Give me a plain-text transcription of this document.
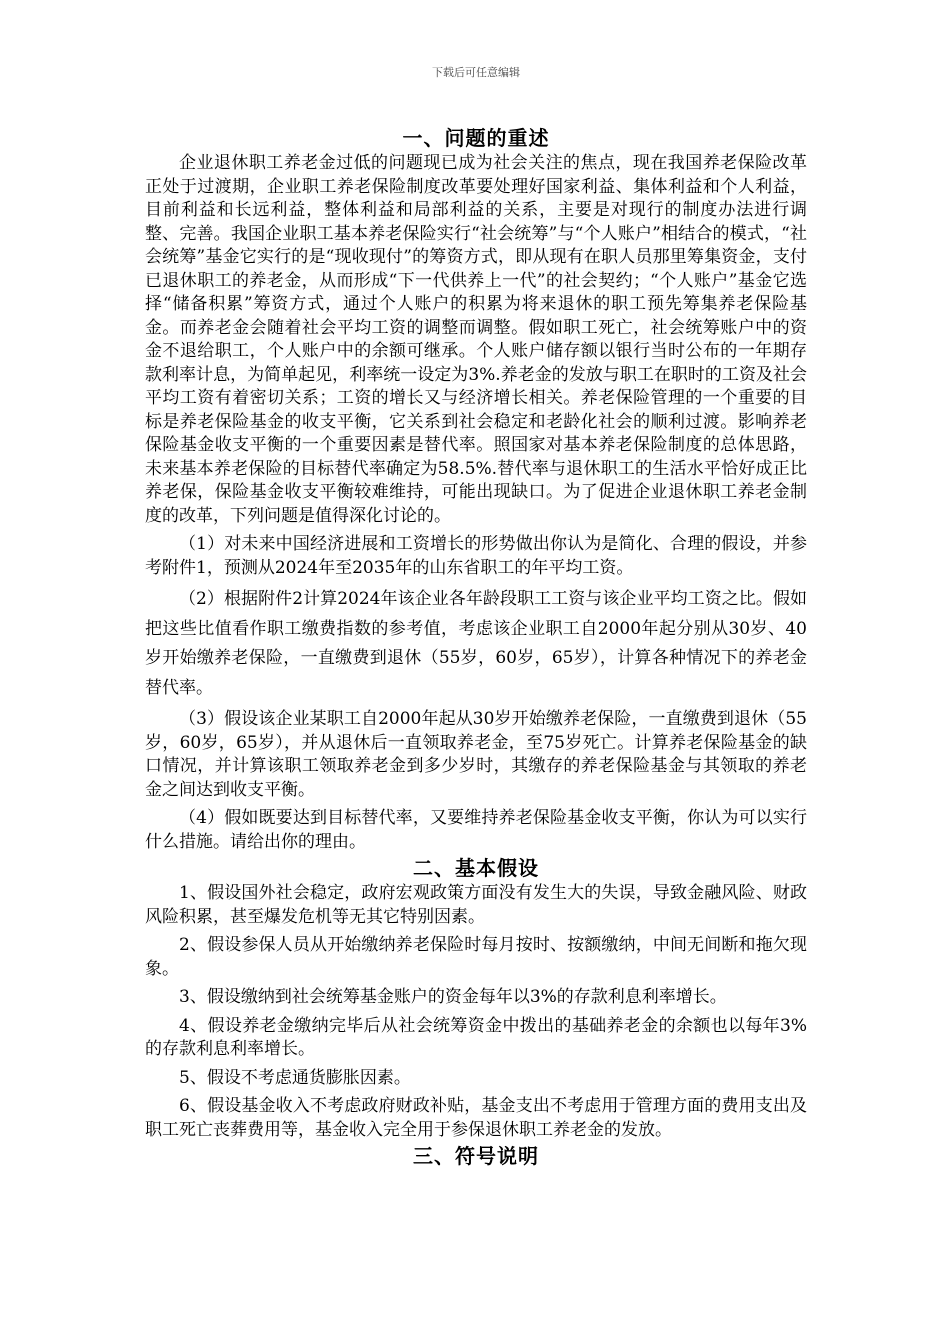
下载后可任意编辑
一、问题的重述

企业退休职工养老金过低的问题现已成为社会关注的焦点，现在我国养老保险改革正处于过渡期，企业职工养老保险制度改革要处理好国家利益、集体利益和个人利益，目前利益和长远利益，整体利益和局部利益的关系，主要是对现行的制度办法进行调整、完善。我国企业职工基本养老保险实行“社会统筹”与“个人账户”相结合的模式，“社会统筹”基金它实行的是“现收现付”的筹资方式，即从现有在职人员那里筹集资金，支付已退休职工的养老金，从而形成“下一代供养上一代”的社会契约；“个人账户”基金它选择“储备积累”筹资方式，通过个人账户的积累为将来退休的职工预先筹集养老保险基金。而养老金会随着社会平均工资的调整而调整。假如职工死亡，社会统筹账户中的资金不退给职工，个人账户中的余额可继承。个人账户储存额以银行当时公布的一年期存款利率计息，为简单起见，利率统一设定为3%.养老金的发放与职工在职时的工资及社会平均工资有着密切关系；工资的增长又与经济增长相关。养老保险管理的一个重要的目标是养老保险基金的收支平衡，它关系到社会稳定和老龄化社会的顺利过渡。影响养老保险基金收支平衡的一个重要因素是替代率。照国家对基本养老保险制度的总体思路，未来基本养老保险的目标替代率确定为58.5%.替代率与退休职工的生活水平恰好成正比养老保，保险基金收支平衡较难维持，可能出现缺口。为了促进企业退休职工养老金制度的改革，下列问题是值得深化讨论的。

（1）对未来中国经济进展和工资增长的形势做出你认为是简化、合理的假设，并参考附件1，预测从2024年至2035年的山东省职工的年平均工资。

（2）根据附件2计算2024年该企业各年龄段职工工资与该企业平均工资之比。假如把这些比值看作职工缴费指数的参考值，考虑该企业职工自2000年起分别从30岁、40岁开始缴养老保险，一直缴费到退休（55岁，60岁，65岁），计算各种情况下的养老金替代率。

（3）假设该企业某职工自2000年起从30岁开始缴养老保险，一直缴费到退休（55岁，60岁，65岁），并从退休后一直领取养老金，至75岁死亡。计算养老保险基金的缺口情况，并计算该职工领取养老金到多少岁时，其缴存的养老保险基金与其领取的养老金之间达到收支平衡。

（4）假如既要达到目标替代率，又要维持养老保险基金收支平衡，你认为可以实行什么措施。请给出你的理由。

二、基本假设

1、假设国外社会稳定，政府宏观政策方面没有发生大的失误，导致金融风险、财政风险积累，甚至爆发危机等无其它特别因素。

2、假设参保人员从开始缴纳养老保险时每月按时、按额缴纳，中间无间断和拖欠现象。

3、假设缴纳到社会统筹基金账户的资金每年以3%的存款利息利率增长。

4、假设养老金缴纳完毕后从社会统筹资金中拨出的基础养老金的余额也以每年3%的存款利息利率增长。

5、假设不考虑通货膨胀因素。

6、假设基金收入不考虑政府财政补贴，基金支出不考虑用于管理方面的费用支出及职工死亡丧葬费用等，基金收入完全用于参保退休职工养老金的发放。

三、符号说明
